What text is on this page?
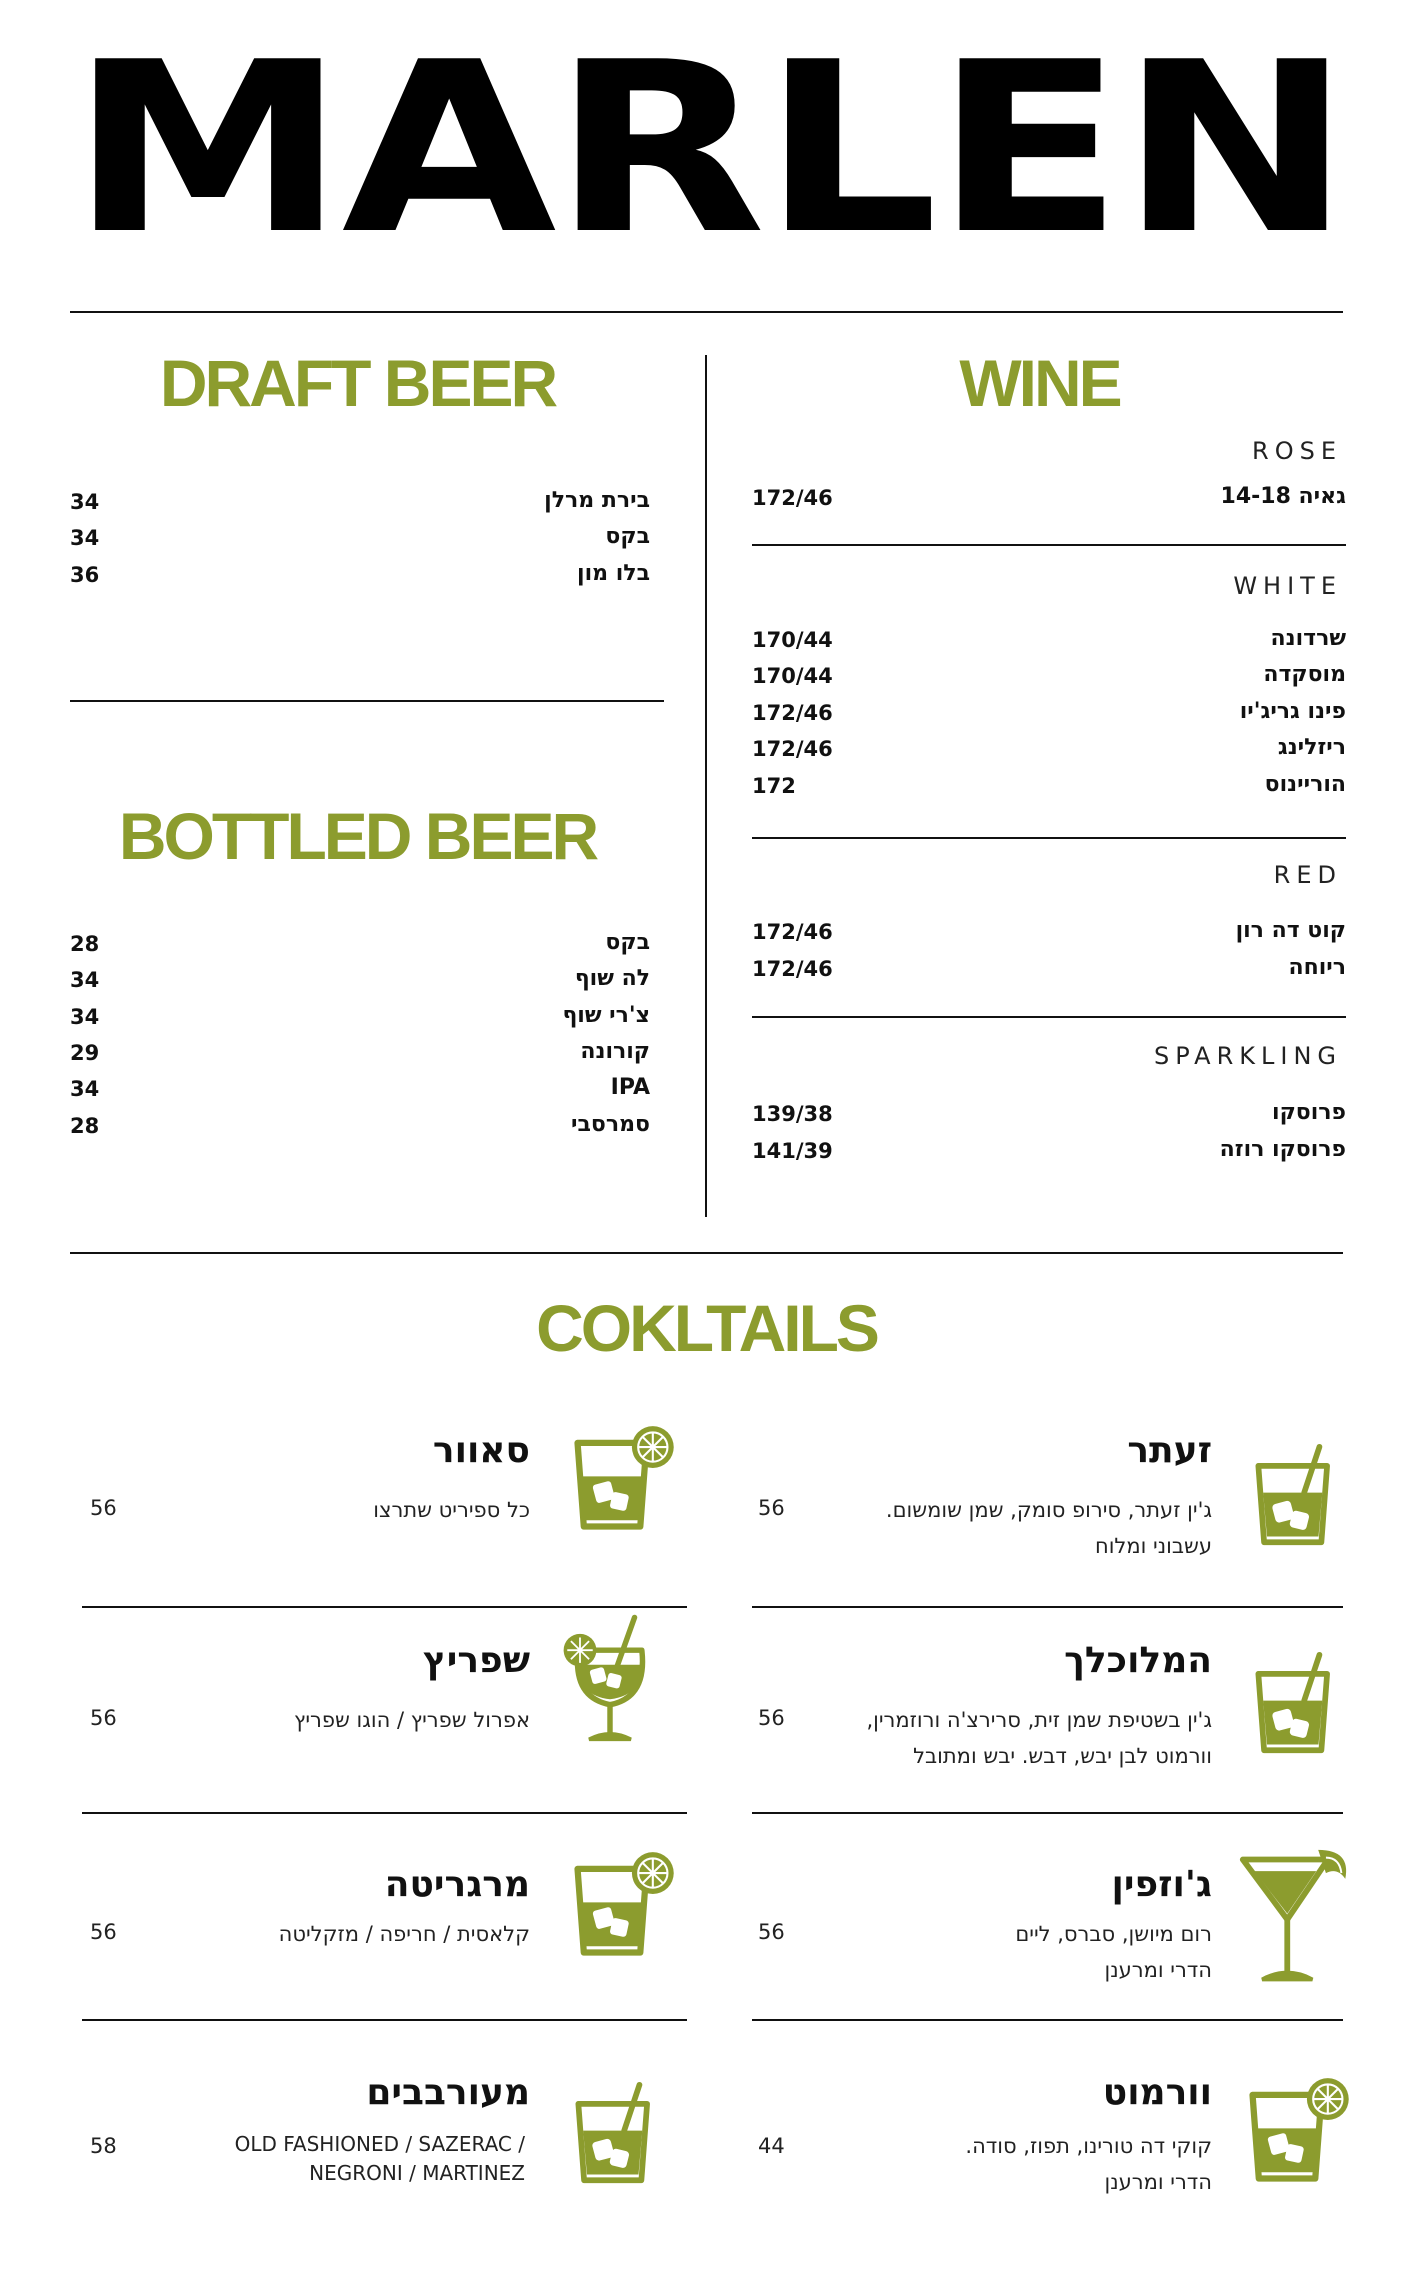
MARLEN
DRAFT BEER
בירת מרלן
34
בקס
34
בלו מון
36
BOTTLED BEER
בקס
28
לה שוף
34
צ'רי שוף
34
קורונה
29
IPA
34
סמרסבי
28
WINE
ROSE
גאיה 14-18
172/46
WHITE
שרדונה
170/44
מוסקדה
170/44
פינו גריג'יו
172/46
ריזלינג
172/46
הוריינוס
172
RED
קוט דה רון
172/46
ריוחה
172/46
SPARKLING
פרוסקו
139/38
פרוסקו רוזה
141/39
COKLTAILS
סאוור
כל ספיריט שתרצו
56
זעתר
ג'ין זעתר, סירופ סומק, שמן שומשום.
עשבוני ומלוח
56
שפריץ
אפרול שפריץ / הוגו שפריץ
56
המלוכלך
ג'ין בשטיפת שמן זית, סרירצ'ה ורוזמרין,
וורמוט לבן יבש, דבש. יבש ומתובל
56
מרגריטה
קלאסית / חריפה / מזקליטה
56
ג'וזפין
רום מיושן, סברס, ליים
הדרי ומרענן
56
מעורבבים
OLD FASHIONED / SAZERAC /
NEGRONI / MARTINEZ
58
וורמוט
קוקי דה טורינו, תפוז, סודה.
הדרי ומרענן
44
